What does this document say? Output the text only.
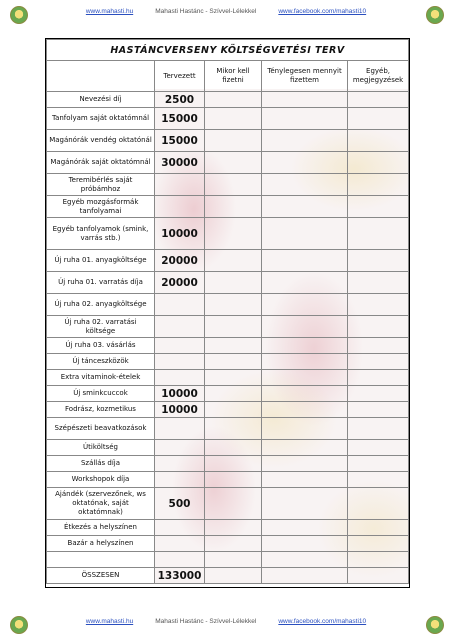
www.mahasti.hu	Mahasti Hastánc - Szívvel-Lélekkel	www.facebook.com/mahasti10
HASTÁNCVERSENY KÖLTSÉGVETÉSI TERV				
	Tervezett	Mikor kell fizetni	Ténylegesen mennyit fizettem	Egyéb, megjegyzések
Nevezési díj	2500			
Tanfolyam saját oktatómnál	15000			
Magánórák vendég oktatónál	15000			
Magánórák saját oktatómnál	30000			
Teremibérlés saját próbámhoz				
Egyéb mozgásformák tanfolyamai				
Egyéb tanfolyamok (smink, varrás stb.)	10000			
Új ruha 01. anyagköltsége	20000			
Új ruha 01. varratás díja	20000			
Új ruha 02. anyagköltsége				
Új ruha 02. varratási költsége				
Új ruha 03. vásárlás				
Új tánceszközök				
Extra vitaminok-ételek				
Új sminkcuccok	10000			
Fodrász, kozmetikus	10000			
Szépészeti beavatkozások				
Útiköltség				
Szállás díja				
Workshopok díja				
Ajándék (szervezőnek, ws oktatónak, saját oktatómnak)	500			
Étkezés a helyszínen				
Bazár a helyszínen				

ÖSSZESEN	133000			
www.mahasti.hu	Mahasti Hastánc - Szívvel-Lélekkel	www.facebook.com/mahasti10
